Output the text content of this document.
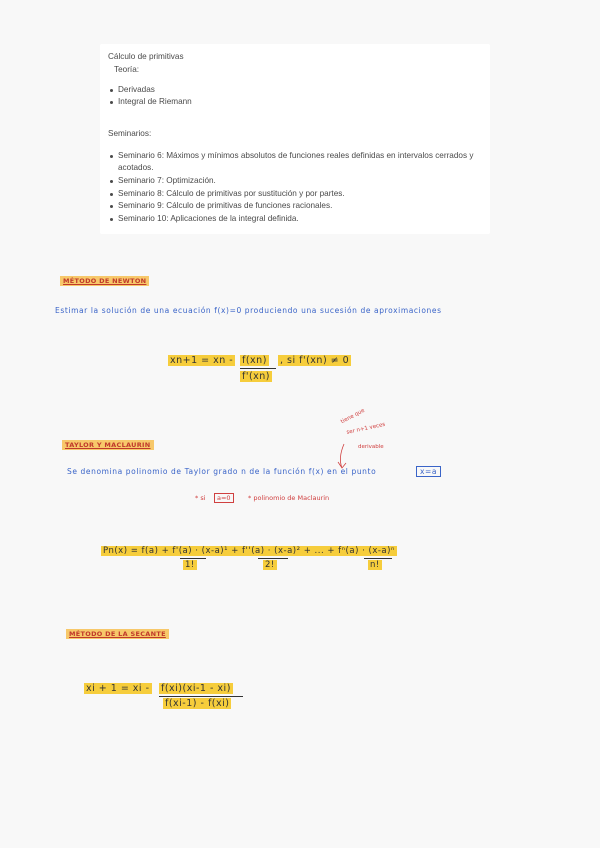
Cálculo de primitivas
Teoría:
Derivadas
Integral de Riemann
Seminarios:
Seminario 6: Máximos y mínimos absolutos de funciones reales definidas en intervalos cerrados y acotados.
Seminario 7: Optimización.
Seminario 8: Cálculo de primitivas por sustitución y por partes.
Seminario 9: Cálculo de primitivas de funciones racionales.
Seminario 10: Aplicaciones de la integral definida.
MÉTODO DE NEWTON
Estimar la solución de una ecuación f(x)=0 produciendo una sucesión de aproximaciones
xn+1 = xn - f(xn)
f'(xn)
, si f'(xn) ≠ 0
TAYLOR Y MACLAURIN
tiene que
ser n+1 veces
derivable
Se denomina polinomio de Taylor grado n de la función f(x) en el punto	x=a
* si	a=0	* polinomio de Maclaurin
Pn(x) = f(a) + f'(a) · (x-a)¹ + f''(a) · (x-a)² + ... + fⁿ(a) · (x-a)ⁿ
1!	2!	n!
MÉTODO DE LA SECANTE
xi + 1 = xi - f(xi)(xi-1 - xi)
f(xi-1) - f(xi)
